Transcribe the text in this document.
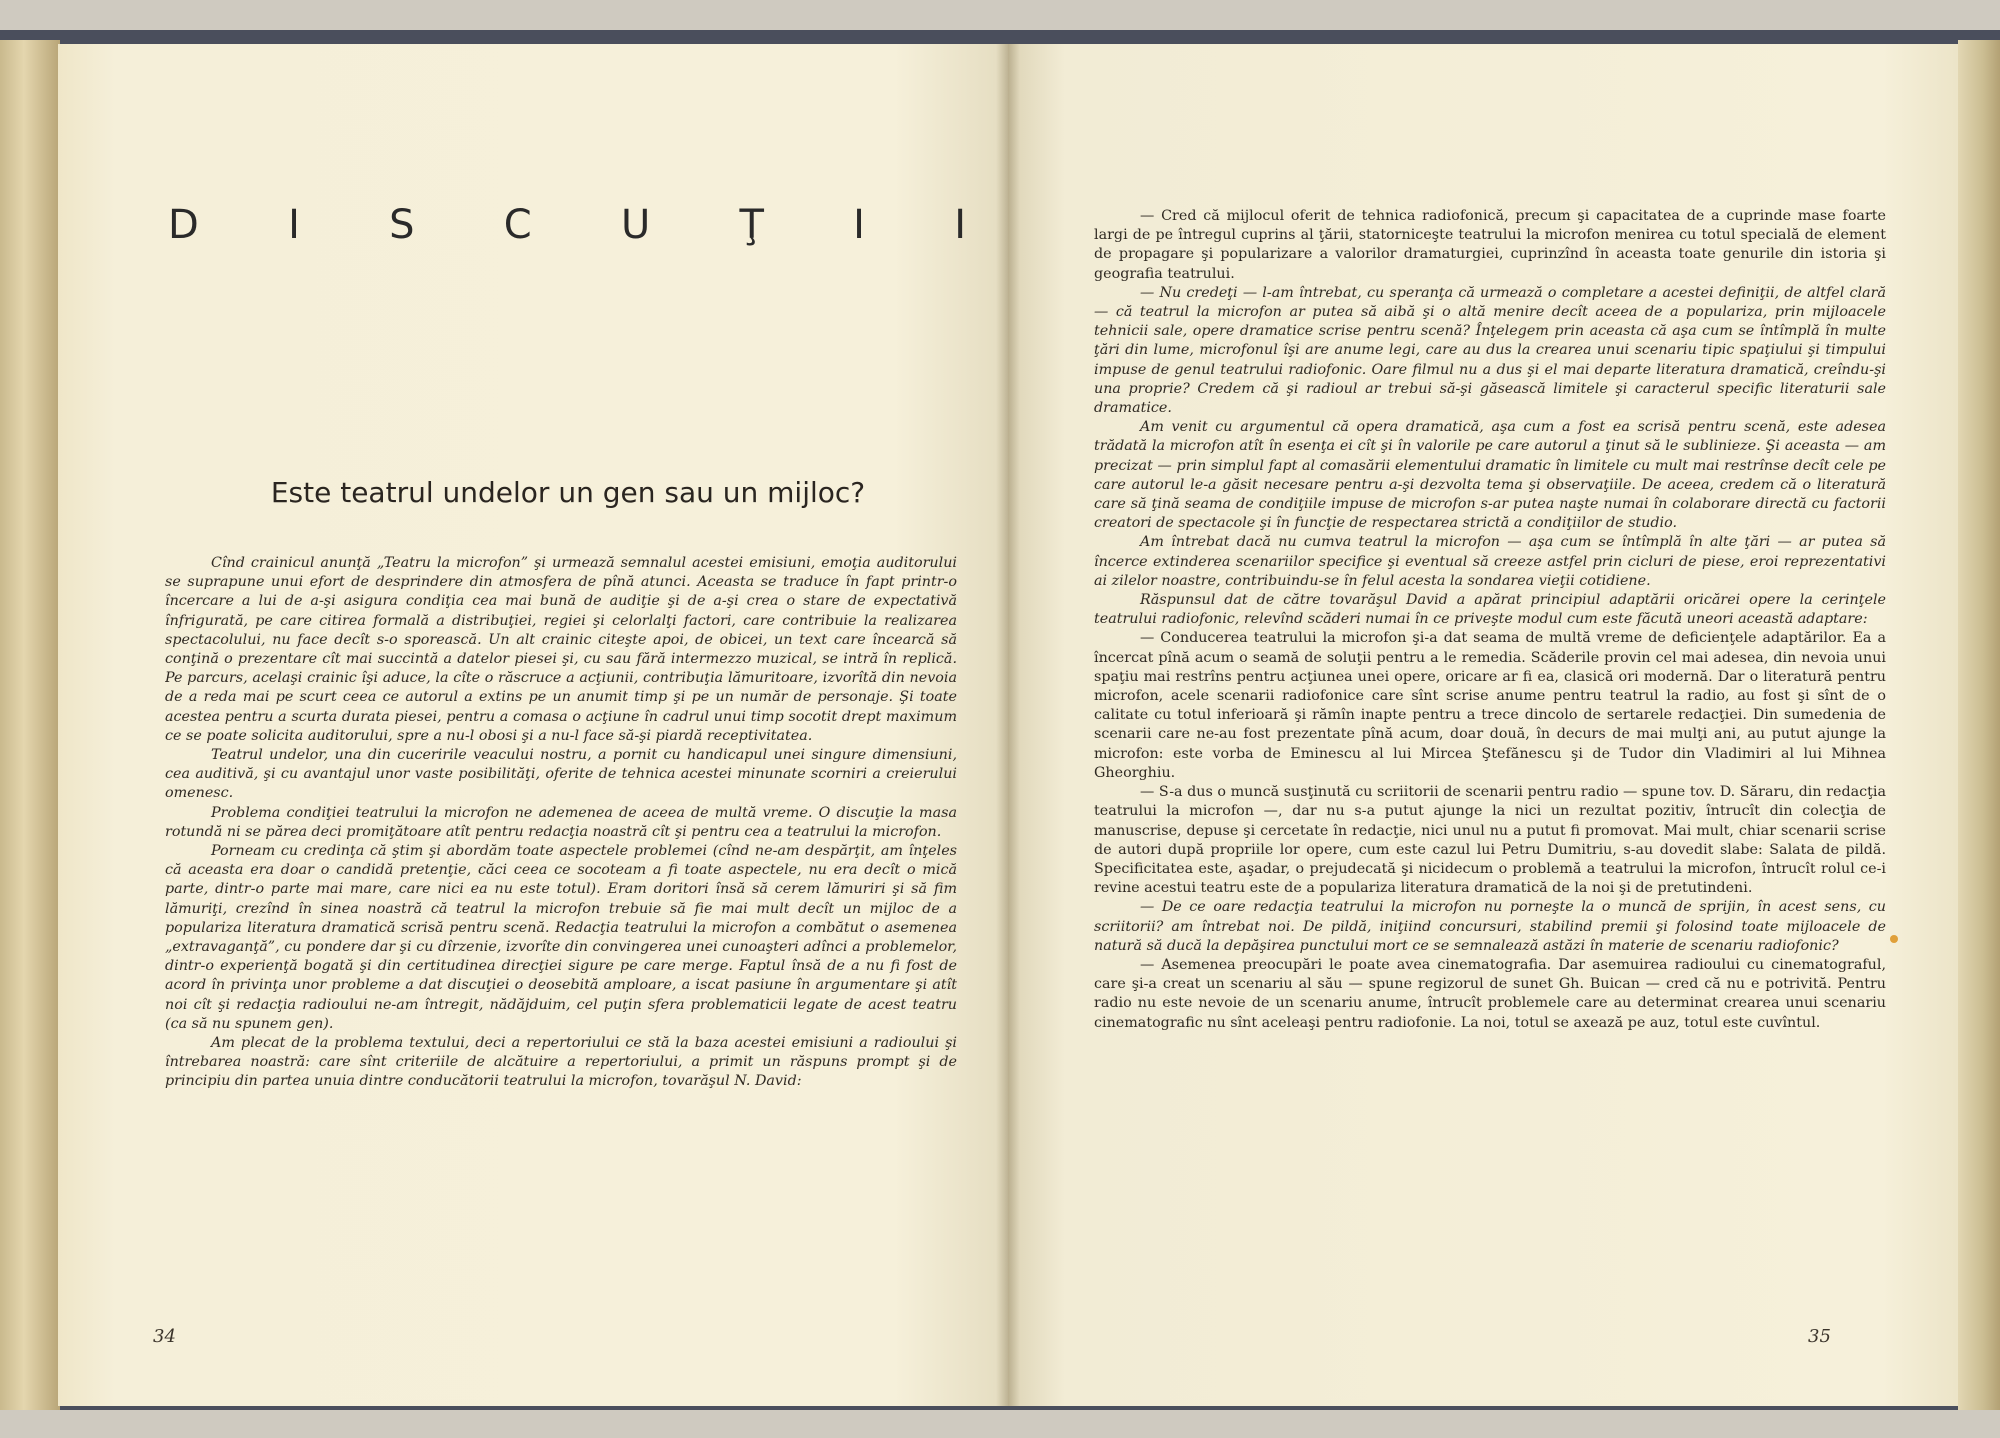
D I S C U Ţ I I
Este teatrul undelor un gen sau un mijloc?

Cînd crainicul anunţă „Teatru la microfon” şi urmează semnalul acestei emisiuni, emoţia auditorului se suprapune unui efort de desprindere din atmosfera de pînă atunci. Aceasta se traduce în fapt printr-o încercare a lui de a-şi asigura condiţia cea mai bună de audiţie şi de a-şi crea o stare de expectativă înfrigurată, pe care citirea formală a distribuţiei, regiei şi celorlalţi factori, care contribuie la realizarea spectacolului, nu face decît s-o sporească. Un alt crainic citeşte apoi, de obicei, un text care încearcă să conţină o prezentare cît mai succintă a datelor piesei şi, cu sau fără intermezzo muzical, se intră în replică. Pe parcurs, acelaşi crainic îşi aduce, la cîte o răscruce a acţiunii, contribuţia lămuritoare, izvorîtă din nevoia de a reda mai pe scurt ceea ce autorul a extins pe un anumit timp şi pe un număr de personaje. Şi toate acestea pentru a scurta durata piesei, pentru a comasa o acţiune în cadrul unui timp socotit drept maximum ce se poate solicita auditorului, spre a nu-l obosi şi a nu-l face să-şi piardă receptivitatea.

Teatrul undelor, una din cuceririle veacului nostru, a pornit cu handicapul unei singure dimensiuni, cea auditivă, şi cu avantajul unor vaste posibilităţi, oferite de tehnica acestei minunate scorniri a creierului omenesc.

Problema condiţiei teatrului la microfon ne ademenea de aceea de multă vreme. O discuţie la masa rotundă ni se părea deci promiţătoare atît pentru redacţia noastră cît şi pentru cea a teatrului la microfon.

Porneam cu credinţa că ştim şi abordăm toate aspectele problemei (cînd ne-am despărţit, am înţeles că aceasta era doar o candidă pretenţie, căci ceea ce socoteam a fi toate aspectele, nu era decît o mică parte, dintr-o parte mai mare, care nici ea nu este totul). Eram doritori însă să cerem lămuriri şi să fim lămuriţi, crezînd în sinea noastră că teatrul la microfon trebuie să fie mai mult decît un mijloc de a populariza literatura dramatică scrisă pentru scenă. Redacţia teatrului la microfon a combătut o asemenea „extravaganţă”, cu pondere dar şi cu dîrzenie, izvorîte din convingerea unei cunoaşteri adînci a problemelor, dintr-o experienţă bogată şi din certitudinea direcţiei sigure pe care merge. Faptul însă de a nu fi fost de acord în privinţa unor probleme a dat discuţiei o deosebită amploare, a iscat pasiune în argumentare şi atît noi cît şi redacţia radioului ne-am întregit, nădăjduim, cel puţin sfera problematicii legate de acest teatru (ca să nu spunem gen).

Am plecat de la problema textului, deci a repertoriului ce stă la baza acestei emisiuni a radioului şi întrebarea noastră: care sînt criteriile de alcătuire a repertoriului, a primit un răspuns prompt şi de principiu din partea unuia dintre conducătorii teatrului la microfon, tovarăşul N. David:

34

— Cred că mijlocul oferit de tehnica radiofonică, precum şi capacitatea de a cuprinde mase foarte largi de pe întregul cuprins al ţării, statorniceşte teatrului la microfon menirea cu totul specială de element de propagare şi popularizare a valorilor dramaturgiei, cuprinzînd în aceasta toate genurile din istoria şi geografia teatrului.

— Nu credeţi — l-am întrebat, cu speranţa că urmează o completare a acestei definiţii, de altfel clară — că teatrul la microfon ar putea să aibă şi o altă menire decît aceea de a populariza, prin mijloacele tehnicii sale, opere dramatice scrise pentru scenă? Înţelegem prin aceasta că aşa cum se întîmplă în multe ţări din lume, microfonul îşi are anume legi, care au dus la crearea unui scenariu tipic spaţiului şi timpului impuse de genul teatrului radiofonic. Oare filmul nu a dus şi el mai departe literatura dramatică, creîndu-şi una proprie? Credem că şi radioul ar trebui să-şi găsească limitele şi caracterul specific literaturii sale dramatice.

Am venit cu argumentul că opera dramatică, aşa cum a fost ea scrisă pentru scenă, este adesea trădată la microfon atît în esenţa ei cît şi în valorile pe care autorul a ţinut să le sublinieze. Şi aceasta — am precizat — prin simplul fapt al comasării elementului dramatic în limitele cu mult mai restrînse decît cele pe care autorul le-a găsit necesare pentru a-şi dezvolta tema şi observaţiile. De aceea, credem că o literatură care să ţină seama de condiţiile impuse de microfon s-ar putea naşte numai în colaborare directă cu factorii creatori de spectacole şi în funcţie de respectarea strictă a condiţiilor de studio.

Am întrebat dacă nu cumva teatrul la microfon — aşa cum se întîmplă în alte ţări — ar putea să încerce extinderea scenariilor specifice şi eventual să creeze astfel prin cicluri de piese, eroi reprezentativi ai zilelor noastre, contribuindu-se în felul acesta la sondarea vieţii cotidiene.

Răspunsul dat de către tovarăşul David a apărat principiul adaptării oricărei opere la cerinţele teatrului radiofonic, relevînd scăderi numai în ce priveşte modul cum este făcută uneori această adaptare:

— Conducerea teatrului la microfon şi-a dat seama de multă vreme de deficienţele adaptărilor. Ea a încercat pînă acum o seamă de soluţii pentru a le remedia. Scăderile provin cel mai adesea, din nevoia unui spaţiu mai restrîns pentru acţiunea unei opere, oricare ar fi ea, clasică ori modernă. Dar o literatură pentru microfon, acele scenarii radiofonice care sînt scrise anume pentru teatrul la radio, au fost şi sînt de o calitate cu totul inferioară şi rămîn inapte pentru a trece dincolo de sertarele redacţiei. Din sumedenia de scenarii care ne-au fost prezentate pînă acum, doar două, în decurs de mai mulţi ani, au putut ajunge la microfon: este vorba de Eminescu al lui Mircea Ştefănescu şi de Tudor din Vladimiri al lui Mihnea Gheorghiu.

— S-a dus o muncă susţinută cu scriitorii de scenarii pentru radio — spune tov. D. Săraru, din redacţia teatrului la microfon —, dar nu s-a putut ajunge la nici un rezultat pozitiv, întrucît din colecţia de manuscrise, depuse şi cercetate în redacţie, nici unul nu a putut fi promovat. Mai mult, chiar scenarii scrise de autori după propriile lor opere, cum este cazul lui Petru Dumitriu, s-au dovedit slabe: Salata de pildă. Specificitatea este, aşadar, o prejudecată şi nicidecum o problemă a teatrului la microfon, întrucît rolul ce-i revine acestui teatru este de a populariza literatura dramatică de la noi şi de pretutindeni.

— De ce oare redacţia teatrului la microfon nu porneşte la o muncă de sprijin, în acest sens, cu scriitorii? am întrebat noi. De pildă, iniţiind concursuri, stabilind premii şi folosind toate mijloacele de natură să ducă la depăşirea punctului mort ce se semnalează astăzi în materie de scenariu radiofonic?

— Asemenea preocupări le poate avea cinematografia. Dar asemuirea radioului cu cinematograful, care şi-a creat un scenariu al său — spune regizorul de sunet Gh. Buican — cred că nu e potrivită. Pentru radio nu este nevoie de un scenariu anume, întrucît problemele care au determinat crearea unui scenariu cinematografic nu sînt aceleaşi pentru radiofonie. La noi, totul se axează pe auz, totul este cuvîntul.

35
